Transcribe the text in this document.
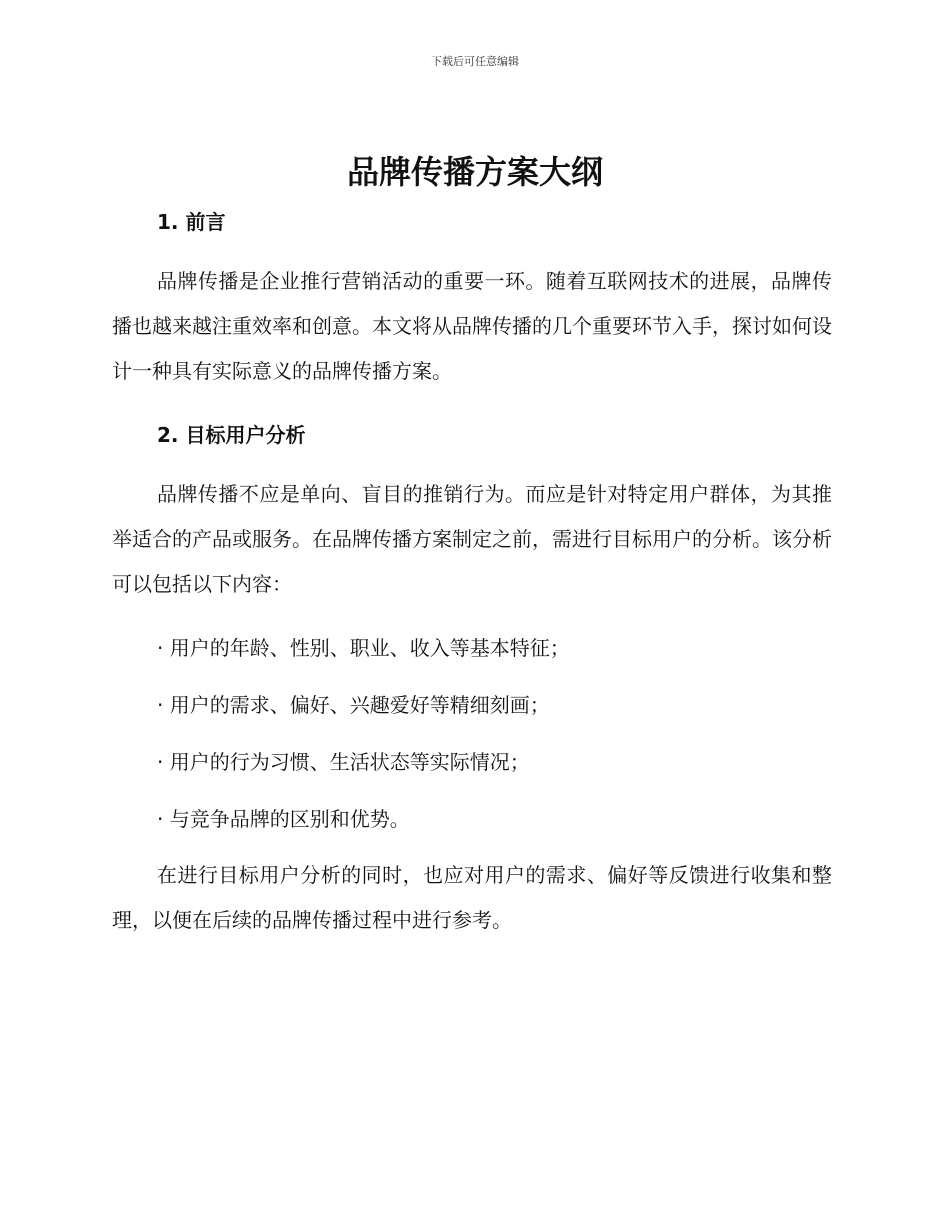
下载后可任意编辑
品牌传播方案大纲
1. 前言

品牌传播是企业推行营销活动的重要一环。随着互联网技术的进展，品牌传播也越来越注重效率和创意。本文将从品牌传播的几个重要环节入手，探讨如何设计一种具有实际意义的品牌传播方案。

2. 目标用户分析

品牌传播不应是单向、盲目的推销行为。而应是针对特定用户群体，为其推举适合的产品或服务。在品牌传播方案制定之前，需进行目标用户的分析。该分析可以包括以下内容：

· 用户的年龄、性别、职业、收入等基本特征；

· 用户的需求、偏好、兴趣爱好等精细刻画；

· 用户的行为习惯、生活状态等实际情况；

· 与竞争品牌的区别和优势。

在进行目标用户分析的同时，也应对用户的需求、偏好等反馈进行收集和整理，以便在后续的品牌传播过程中进行参考。
